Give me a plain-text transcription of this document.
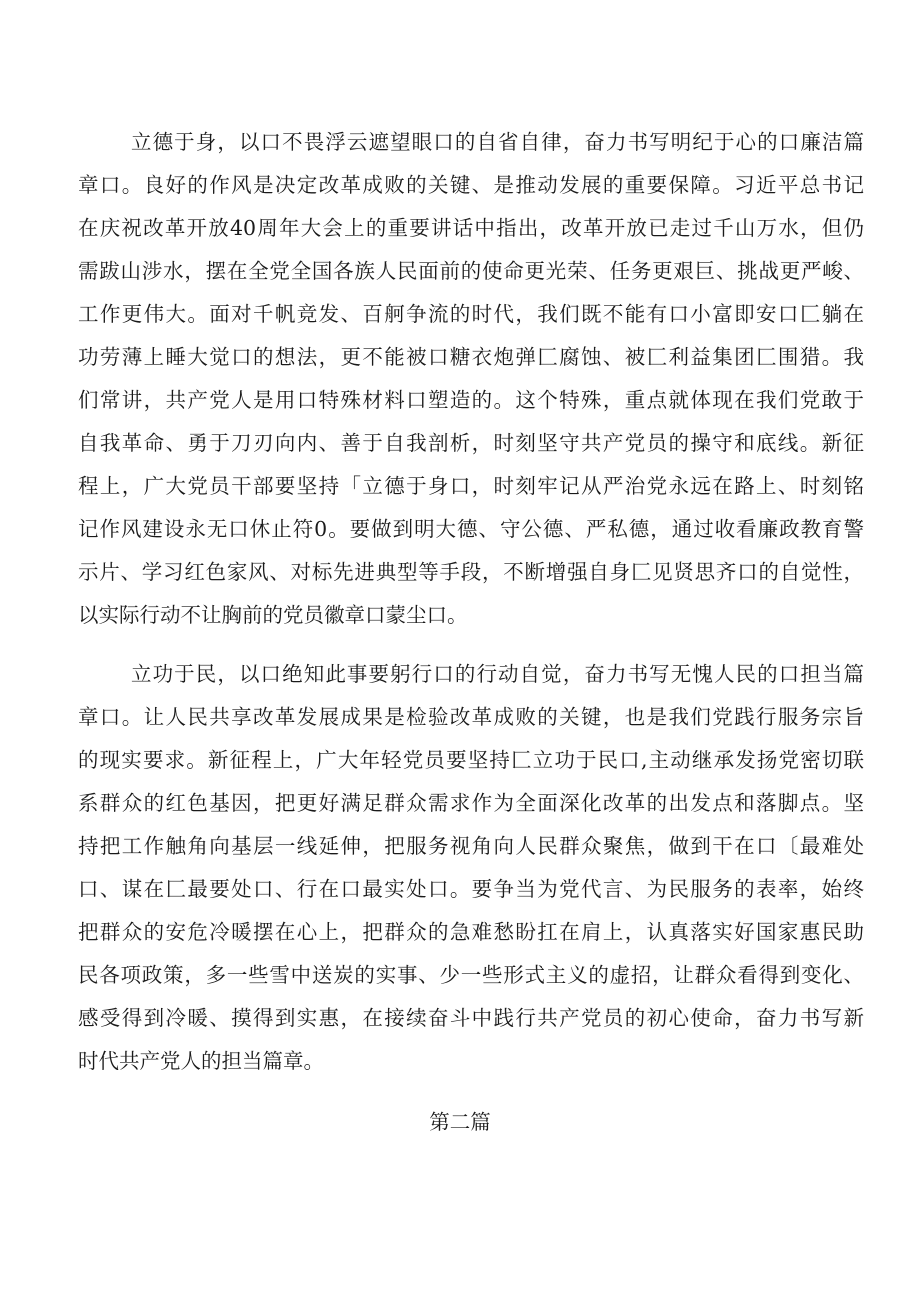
立德于身，以口不畏浮云遮望眼口的自省自律，奋力书写明纪于心的口廉洁篇
章口。良好的作风是决定改革成败的关键、是推动发展的重要保障。习近平总书记
在庆祝改革开放40周年大会上的重要讲话中指出，改革开放已走过千山万水，但仍
需跋山涉水，摆在全党全国各族人民面前的使命更光荣、任务更艰巨、挑战更严峻、
工作更伟大。面对千帆竞发、百舸争流的时代，我们既不能有口小富即安口匚躺在
功劳薄上睡大觉口的想法，更不能被口糖衣炮弹匚腐蚀、被匚利益集团匚围猎。我
们常讲，共产党人是用口特殊材料口塑造的。这个特殊，重点就体现在我们党敢于
自我革命、勇于刀刃向内、善于自我剖析，时刻坚守共产党员的操守和底线。新征
程上，广大党员干部要坚持「立德于身口，时刻牢记从严治党永远在路上、时刻铭
记作风建设永无口休止符0。要做到明大德、守公德、严私德，通过收看廉政教育警
示片、学习红色家风、对标先进典型等手段，不断增强自身匚见贤思齐口的自觉性，
以实际行动不让胸前的党员徽章口蒙尘口。
立功于民，以口绝知此事要躬行口的行动自觉，奋力书写无愧人民的口担当篇
章口。让人民共享改革发展成果是检验改革成败的关键，也是我们党践行服务宗旨
的现实要求。新征程上，广大年轻党员要坚持匚立功于民口,主动继承发扬党密切联
系群众的红色基因，把更好满足群众需求作为全面深化改革的出发点和落脚点。坚
持把工作触角向基层一线延伸，把服务视角向人民群众聚焦，做到干在口〔最难处
口、谋在匚最要处口、行在口最实处口。要争当为党代言、为民服务的表率，始终
把群众的安危冷暖摆在心上，把群众的急难愁盼扛在肩上，认真落实好国家惠民助
民各项政策，多一些雪中送炭的实事、少一些形式主义的虚招，让群众看得到变化、
感受得到冷暖、摸得到实惠，在接续奋斗中践行共产党员的初心使命，奋力书写新
时代共产党人的担当篇章。
第二篇
